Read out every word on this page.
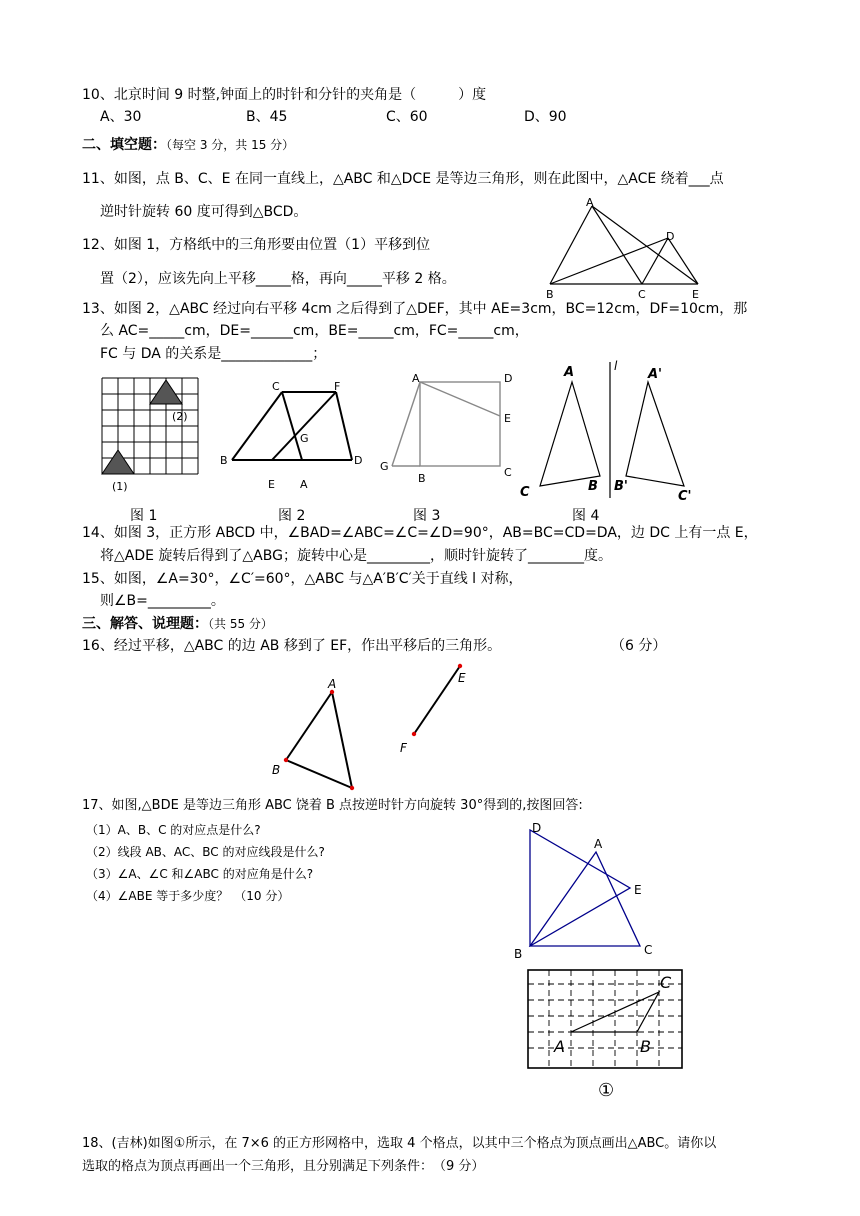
10、北京时间 9 时整,钟面上的时针和分针的夹角是（　　　）度
A、30	B、45	C、60	D、90
二、填空题：（每空 3 分，共 15 分）
11、如图，点 B、C、E 在同一直线上，△ABC 和△DCE 是等边三角形，则在此图中，△ACE 绕着___点
逆时针旋转 60 度可得到△BCD。
A
D
B	C	E
12、如图 1，方格纸中的三角形要由位置（1）平移到位
置（2），应该先向上平移_____格，再向_____平移 2 格。
13、如图 2，△ABC 经过向右平移 4cm 之后得到了△DEF，其中 AE=3cm，BC=12cm，DF=10cm，那
么 AC=_____cm，DE=______cm，BE=_____cm，FC=_____cm，
FC 与 DA 的关系是_____________；
(2)
(1)
C	F
G
B	D
E A
A	D
E
G
B	C
A	l
A'
C	B B'
C'
图 1	图 2	图 3	图 4
14、如图 3，正方形 ABCD 中，∠BAD=∠ABC=∠C=∠D=90°，AB=BC=CD=DA，边 DC 上有一点 E，
将△ADE 旋转后得到了△ABG；旋转中心是_________，顺时针旋转了________度。
15、如图，∠A=30°，∠C′=60°，△ABC 与△A′B′C′关于直线 l 对称，
则∠B=_________。
三、解答、说理题：（共 55 分）
16、经过平移，△ABC 的边 AB 移到了 EF，作出平移后的三角形。	（6 分）
A
B
E
F
17、如图,△BDE 是等边三角形 ABC 饶着 B 点按逆时针方向旋转 30°得到的,按图回答:
（1）A、B、C 的对应点是什么?
（2）线段 AB、AC、BC 的对应线段是什么?
（3）∠A、∠C 和∠ABC 的对应角是什么?
（4）∠ABE 等于多少度？　（10 分）
D
A
E
B	C
C
A	B
①
18、(吉林)如图①所示，在 7×6 的正方形网格中，选取 4 个格点，以其中三个格点为顶点画出△ABC。请你以
选取的格点为顶点再画出一个三角形，且分别满足下列条件：　（9 分）
